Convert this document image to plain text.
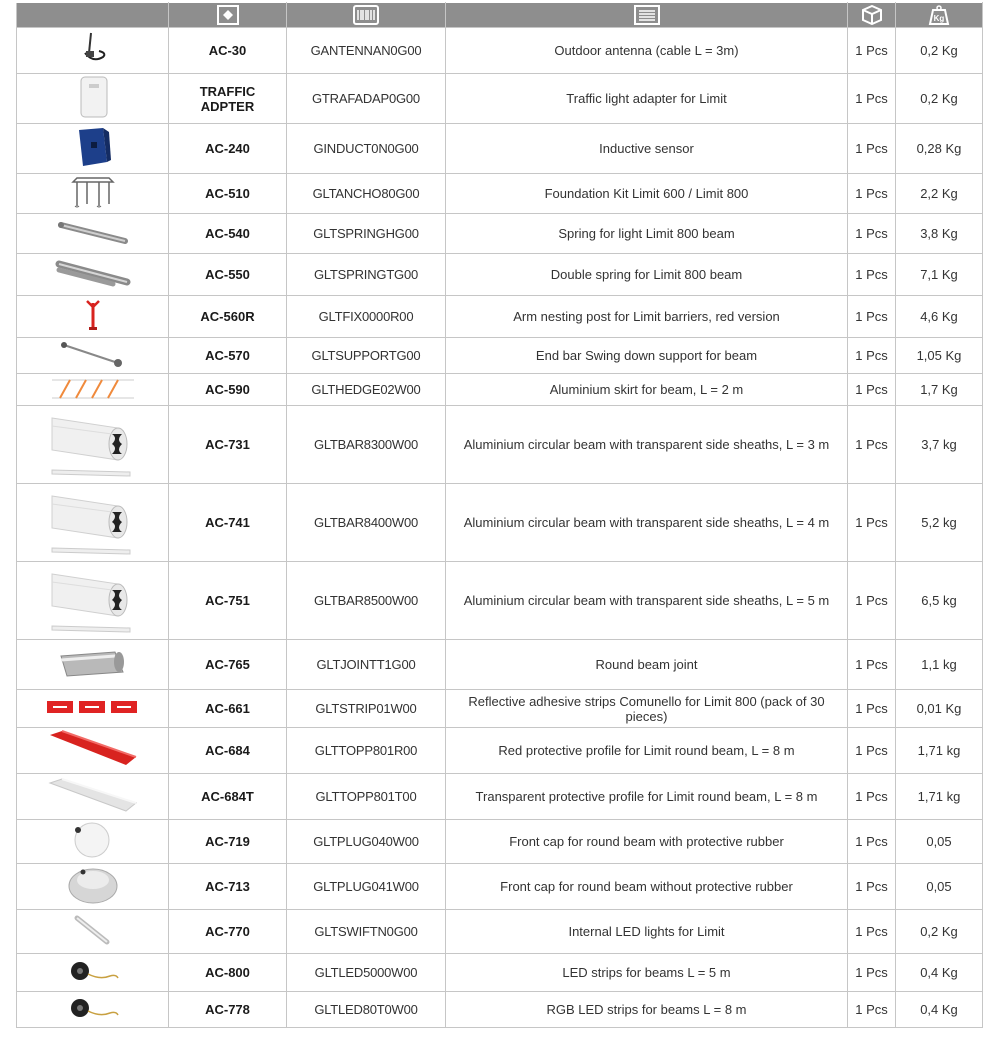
Kg

	AC-30	GANTENNAN0G00	Outdoor antenna (cable L = 3m)	1 Pcs	0,2 Kg
	TRAFFIC ADPTER	GTRAFADAP0G00	Traffic light adapter for Limit	1 Pcs	0,2 Kg
	AC-240	GINDUCT0N0G00	Inductive sensor	1 Pcs	0,28 Kg
	AC-510	GLTANCHO80G00	Foundation Kit Limit 600 / Limit 800	1 Pcs	2,2 Kg
	AC-540	GLTSPRINGHG00	Spring for light Limit 800 beam	1 Pcs	3,8 Kg
	AC-550	GLTSPRINGTG00	Double spring for Limit 800 beam	1 Pcs	7,1 Kg
	AC-560R	GLTFIX0000R00	Arm nesting post for Limit barriers, red version	1 Pcs	4,6 Kg
	AC-570	GLTSUPPORTG00	End bar Swing down support for beam	1 Pcs	1,05 Kg
	AC-590	GLTHEDGE02W00	Aluminium skirt for beam, L = 2 m	1 Pcs	1,7 Kg
	AC-731	GLTBAR8300W00	Aluminium circular beam with transparent side sheaths, L = 3 m	1 Pcs	3,7 kg
	AC-741	GLTBAR8400W00	Aluminium circular beam with transparent side sheaths, L = 4 m	1 Pcs	5,2 kg
	AC-751	GLTBAR8500W00	Aluminium circular beam with transparent side sheaths, L = 5 m	1 Pcs	6,5 kg
	AC-765	GLTJOINTT1G00	Round beam joint	1 Pcs	1,1 kg
	AC-661	GLTSTRIP01W00	Reflective adhesive strips Comunello for Limit 800 (pack of 30 pieces)	1 Pcs	0,01 Kg
	AC-684	GLTTOPP801R00	Red protective profile for Limit round beam, L = 8 m	1 Pcs	1,71 kg
	AC-684T	GLTTOPP801T00	Transparent protective profile for Limit round beam, L = 8 m	1 Pcs	1,71 kg
	AC-719	GLTPLUG040W00	Front cap for round beam with protective rubber	1 Pcs	0,05
	AC-713	GLTPLUG041W00	Front cap for round beam without protective rubber	1 Pcs	0,05
	AC-770	GLTSWIFTN0G00	Internal LED lights for Limit	1 Pcs	0,2 Kg
	AC-800	GLTLED5000W00	LED strips for beams L = 5 m	1 Pcs	0,4 Kg
	AC-778	GLTLED80T0W00	RGB LED strips for beams L = 8 m	1 Pcs	0,4 Kg
